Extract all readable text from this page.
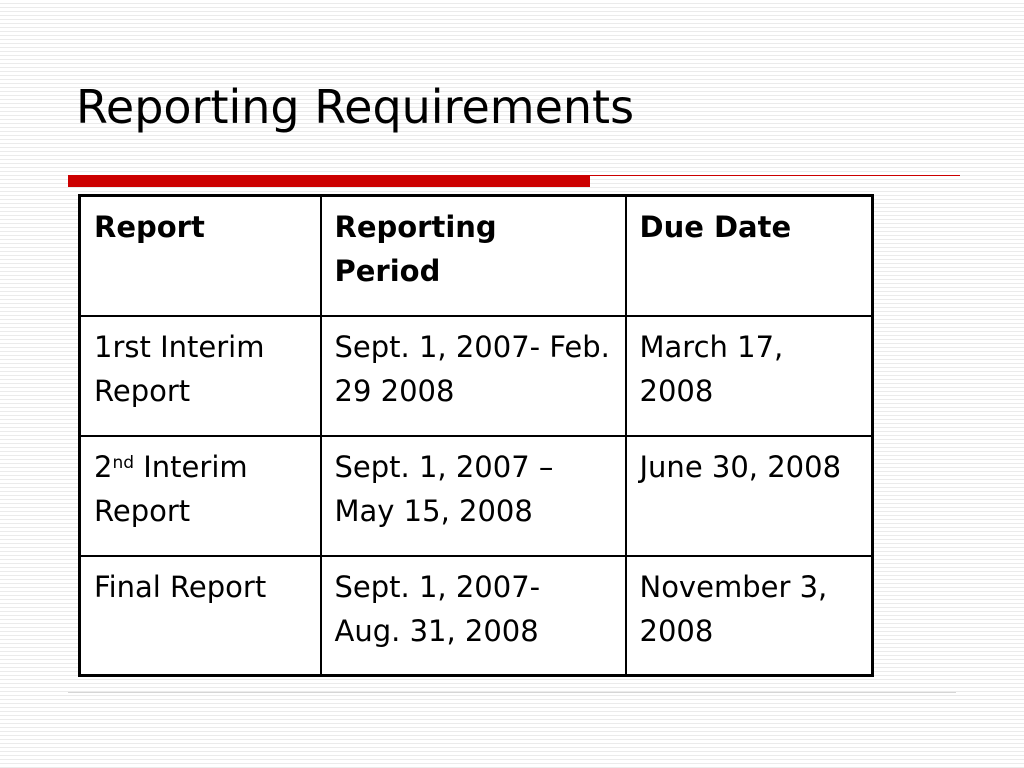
Reporting Requirements
Report	Reporting Period	Due Date
1rst Interim Report	Sept. 1, 2007- Feb. 29 2008	March 17, 2008
2nd Interim Report	Sept. 1, 2007 – May 15, 2008	June 30, 2008
Final Report	Sept. 1, 2007- Aug. 31, 2008	November 3, 2008
